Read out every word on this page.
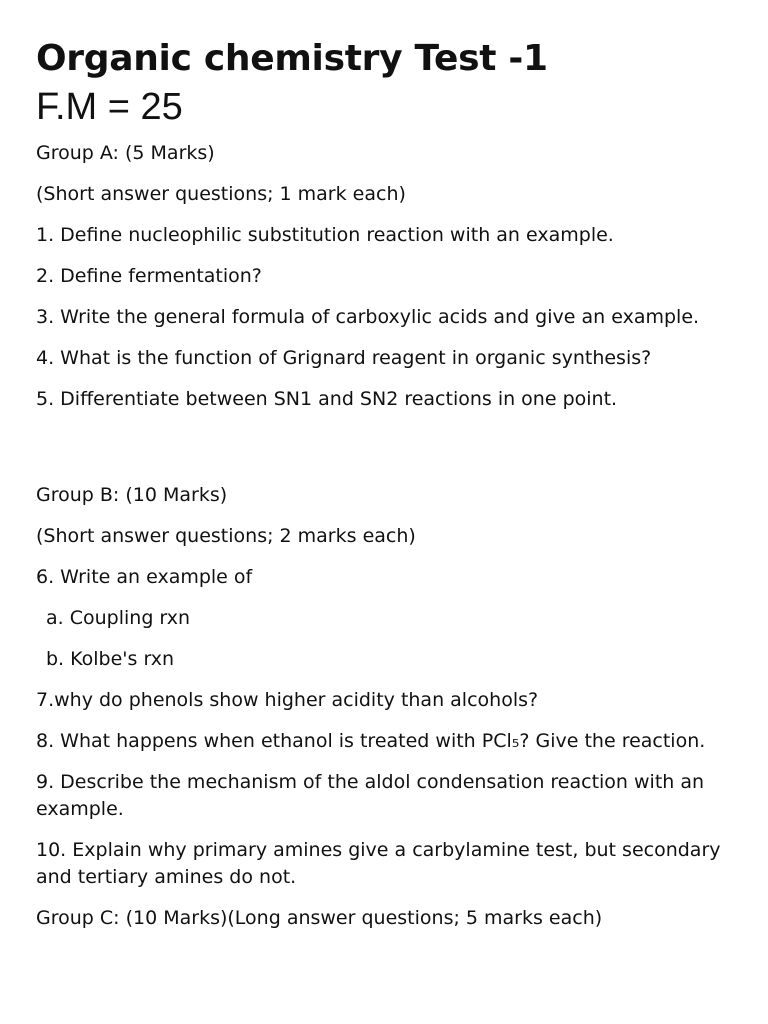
Organic chemistry Test -1
F.M = 25
Group A: (5 Marks)
(Short answer questions; 1 mark each)
1. Define nucleophilic substitution reaction with an example.
2. Define fermentation?
3. Write the general formula of carboxylic acids and give an example.
4. What is the function of Grignard reagent in organic synthesis?
5. Differentiate between SN1 and SN2 reactions in one point.
Group B: (10 Marks)
(Short answer questions; 2 marks each)
6. Write an example of
a. Coupling rxn
b. Kolbe's rxn
7.why do phenols show higher acidity than alcohols?
8. What happens when ethanol is treated with PCl₅? Give the reaction.
9. Describe the mechanism of the aldol condensation reaction with an example.
10. Explain why primary amines give a carbylamine test, but secondary and tertiary amines do not.
Group C: (10 Marks)(Long answer questions; 5 marks each)
